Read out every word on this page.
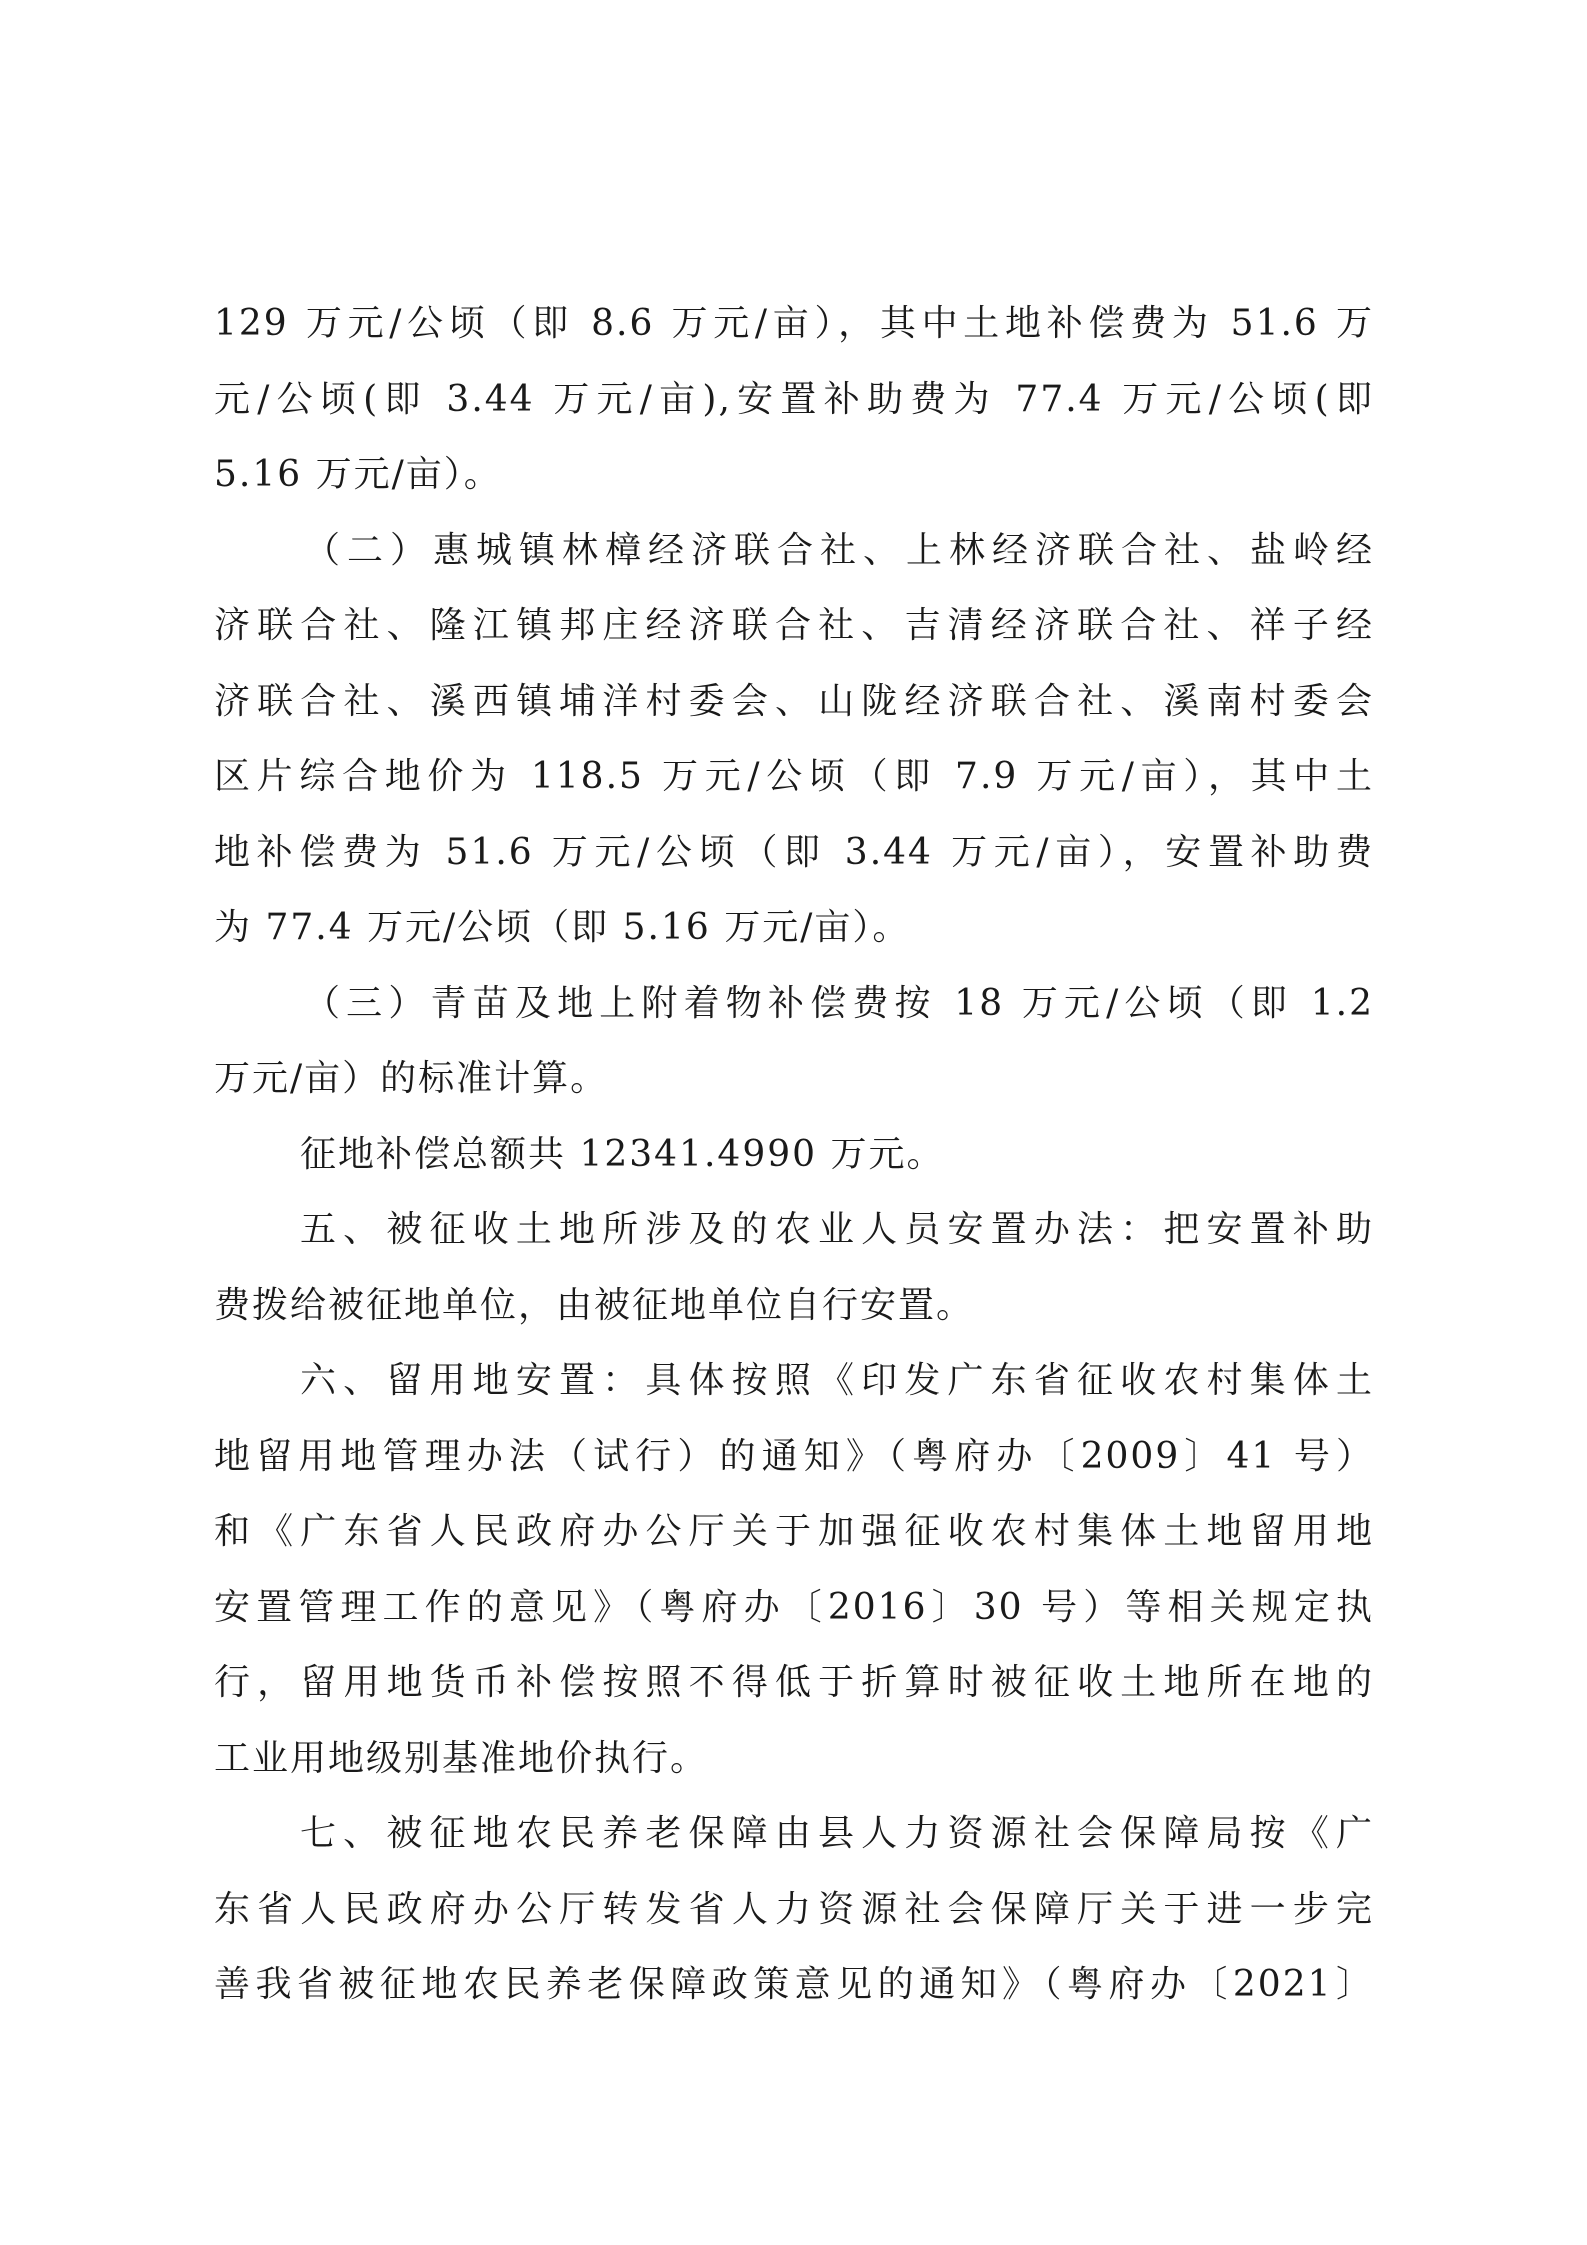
129 万元/公顷（即 8.6 万元/亩），其中土地补偿费为 51.6 万
元/公顷(即 3.44 万元/亩),安置补助费为 77.4 万元/公顷(即
5.16 万元/亩）。
（二）惠城镇林樟经济联合社、上林经济联合社、盐岭经
济联合社、隆江镇邦庄经济联合社、吉清经济联合社、祥子经
济联合社、溪西镇埔洋村委会、山陇经济联合社、溪南村委会
区片综合地价为 118.5 万元/公顷（即 7.9 万元/亩），其中土
地补偿费为 51.6 万元/公顷（即 3.44 万元/亩），安置补助费
为 77.4 万元/公顷（即 5.16 万元/亩）。
（三）青苗及地上附着物补偿费按 18 万元/公顷（即 1.2
万元/亩）的标准计算。
征地补偿总额共 12341.4990 万元。
五、被征收土地所涉及的农业人员安置办法：把安置补助
费拨给被征地单位，由被征地单位自行安置。
六、留用地安置：具体按照《印发广东省征收农村集体土
地留用地管理办法（试行）的通知》（粤府办〔2009〕41 号）
和《广东省人民政府办公厅关于加强征收农村集体土地留用地
安置管理工作的意见》（粤府办〔2016〕30 号）等相关规定执
行，留用地货币补偿按照不得低于折算时被征收土地所在地的
工业用地级别基准地价执行。
七、被征地农民养老保障由县人力资源社会保障局按《广
东省人民政府办公厅转发省人力资源社会保障厅关于进一步完
善我省被征地农民养老保障政策意见的通知》（粤府办〔2021〕
